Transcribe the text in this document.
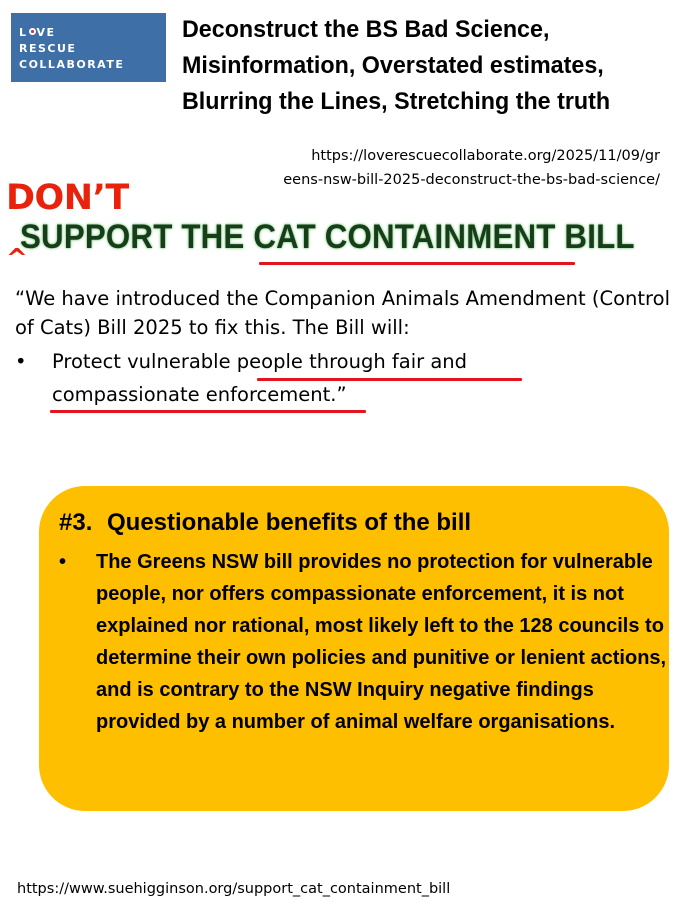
L VE
RESCUE
COLLABORATE
Deconstruct the BS Bad Science, Misinformation, Overstated estimates, Blurring the Lines, Stretching the truth
https://loverescuecollaborate.org/2025/11/09/gr
eens-nsw-bill-2025-deconstruct-the-bs-bad-science/
DON’T
SUPPORT THE CAT CONTAINMENT BILL
^

“We have introduced the Companion Animals Amendment (Control of Cats) Bill 2025 to fix this. The Bill will:

• Protect vulnerable people through fair and compassionate enforcement.”
#3. Questionable benefits of the bill
• The Greens NSW bill provides no protection for vulnerable people, nor offers compassionate enforcement, it is not explained nor rational, most likely left to the 128 councils to determine their own policies and punitive or lenient actions, and is contrary to the NSW Inquiry negative findings provided by a number of animal welfare organisations.
https://www.suehigginson.org/support_cat_containment_bill
